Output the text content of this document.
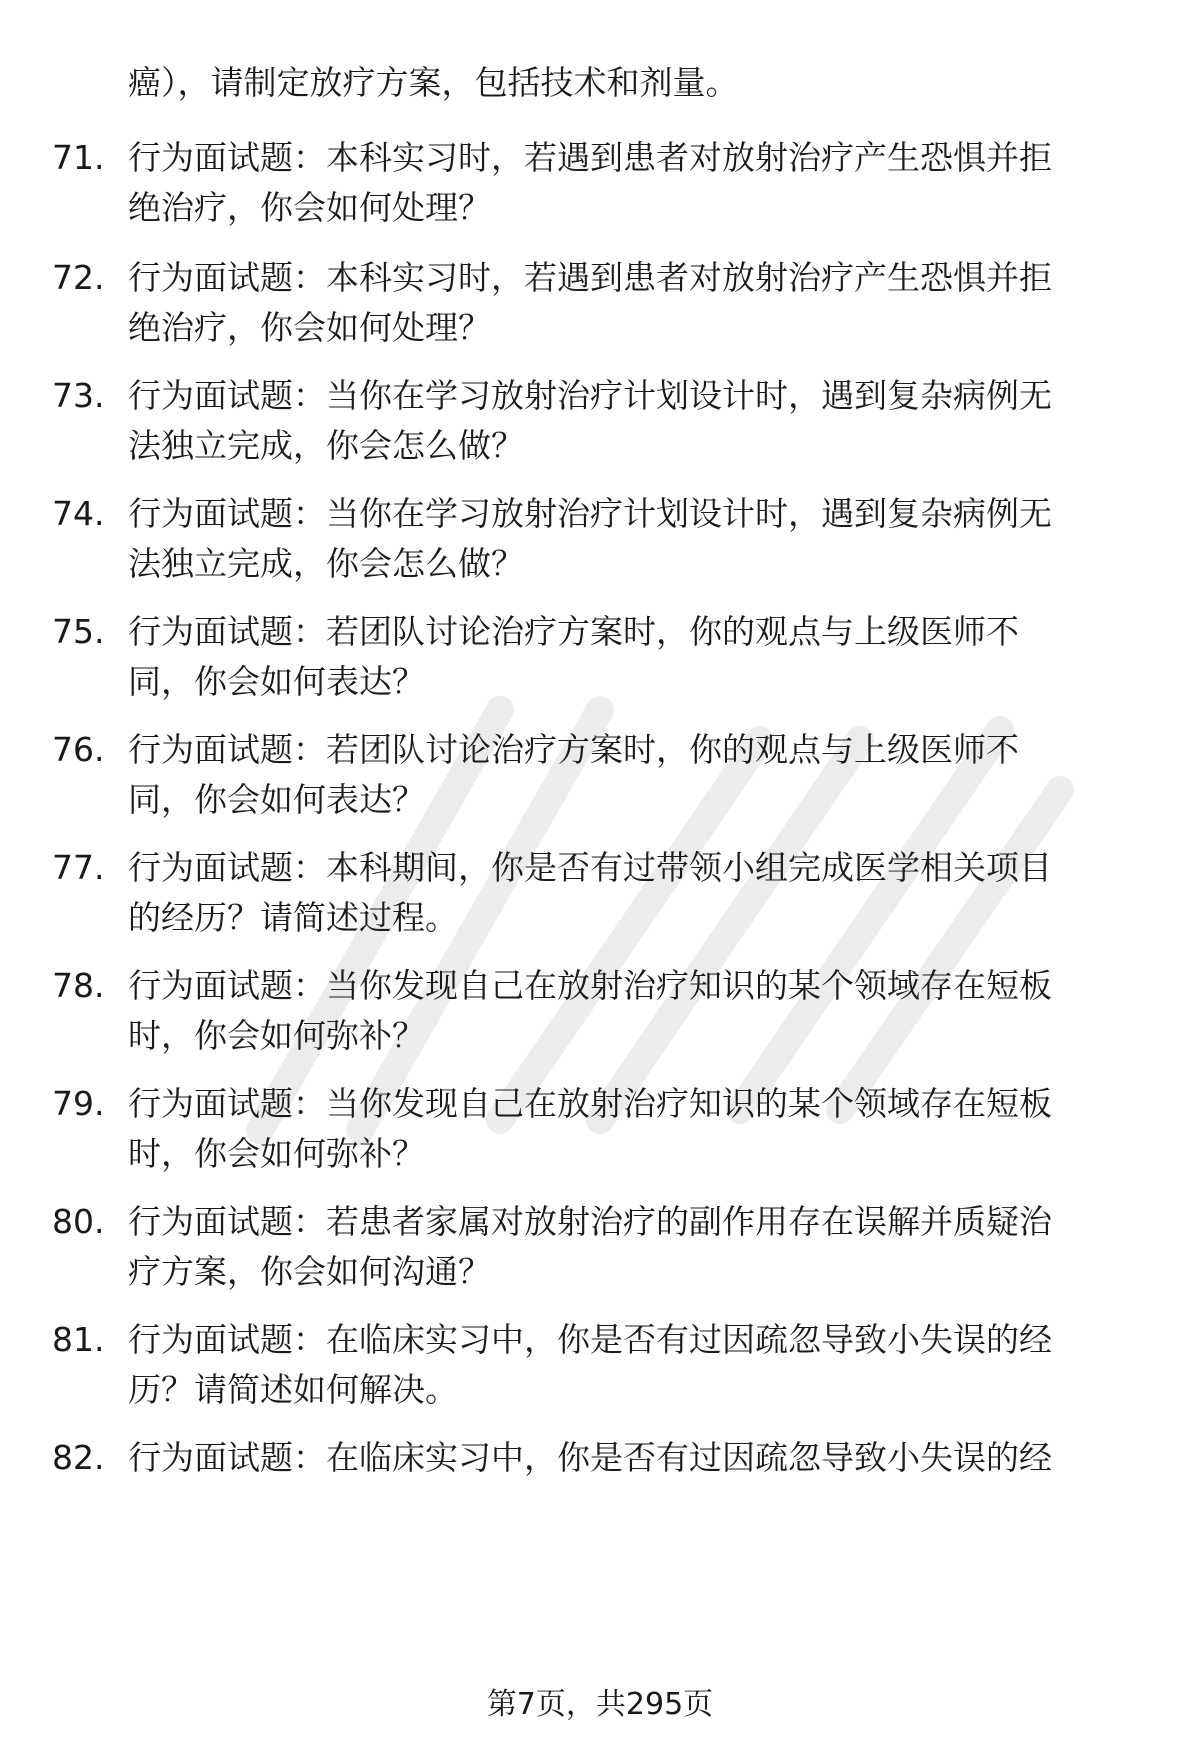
癌），请制定放疗方案，包括技术和剂量。
71. 行为面试题：本科实习时，若遇到患者对放射治疗产生恐惧并拒
绝治疗，你会如何处理？
72. 行为面试题：本科实习时，若遇到患者对放射治疗产生恐惧并拒
绝治疗，你会如何处理？
73. 行为面试题：当你在学习放射治疗计划设计时，遇到复杂病例无
法独立完成，你会怎么做？
74. 行为面试题：当你在学习放射治疗计划设计时，遇到复杂病例无
法独立完成，你会怎么做？
75. 行为面试题：若团队讨论治疗方案时，你的观点与上级医师不
同，你会如何表达？
76. 行为面试题：若团队讨论治疗方案时，你的观点与上级医师不
同，你会如何表达？
77. 行为面试题：本科期间，你是否有过带领小组完成医学相关项目
的经历？请简述过程。
78. 行为面试题：当你发现自己在放射治疗知识的某个领域存在短板
时，你会如何弥补？
79. 行为面试题：当你发现自己在放射治疗知识的某个领域存在短板
时，你会如何弥补？
80. 行为面试题：若患者家属对放射治疗的副作用存在误解并质疑治
疗方案，你会如何沟通？
81. 行为面试题：在临床实习中，你是否有过因疏忽导致小失误的经
历？请简述如何解决。
82. 行为面试题：在临床实习中，你是否有过因疏忽导致小失误的经
第7页，共295页
